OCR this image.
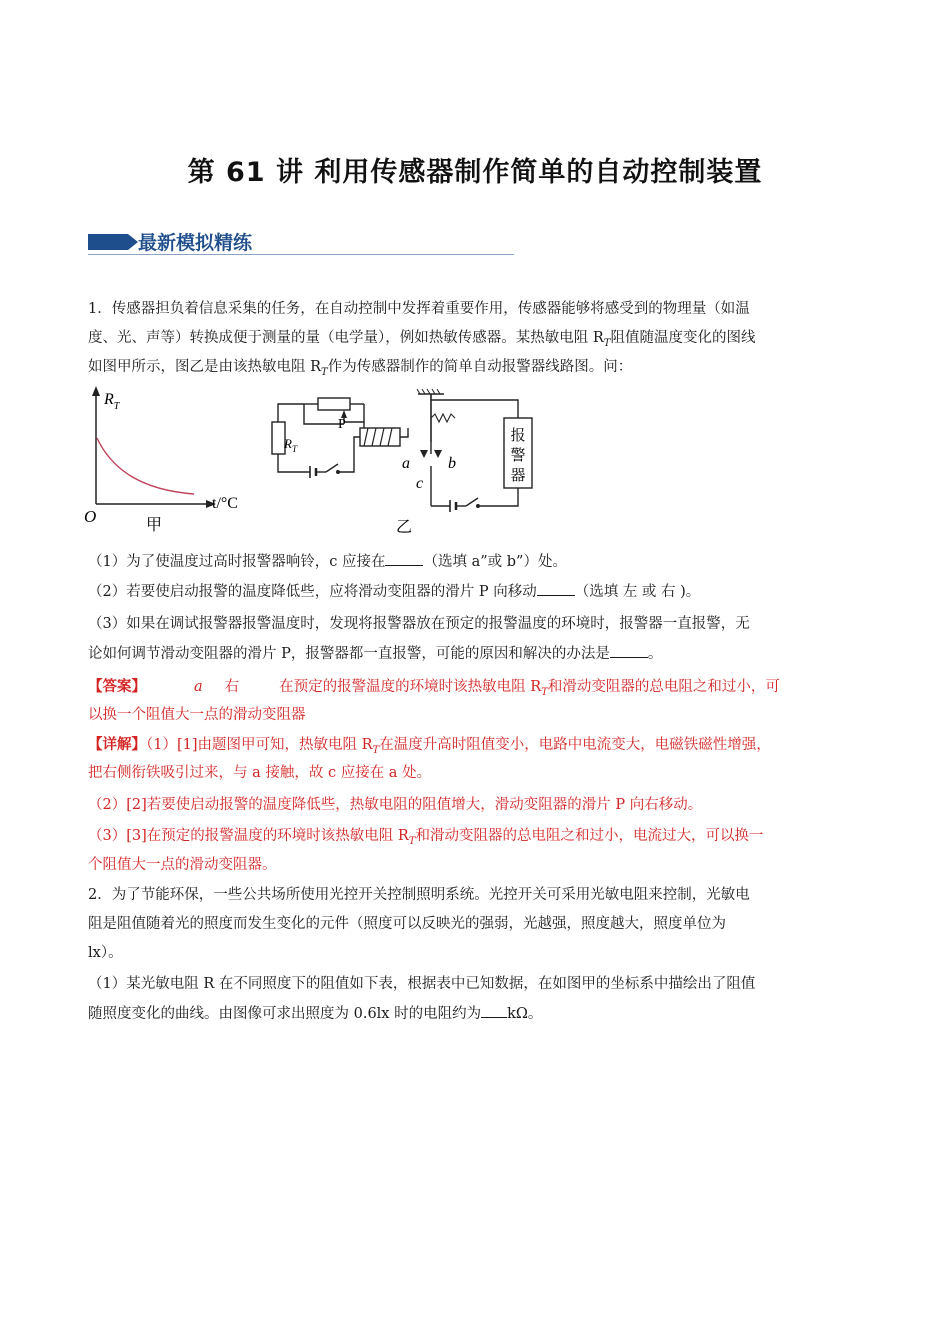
第 61 讲 利用传感器制作简单的自动控制装置
最新模拟精练
1．传感器担负着信息采集的任务，在自动控制中发挥着重要作用，传感器能够将感受到的物理量（如温
度、光、声等）转换成便于测量的量（电学量），例如热敏传感器。某热敏电阻 $R_T$阻值随温度变化的图线
如图甲所示，图乙是由该热敏电阻 $R_T$作为传感器制作的简单自动报警器线路图。问：
$R_T$
t/°C
O	甲
$R_T$
P
报
警
器
a b
c
乙
（1）为了使温度过高时报警器响铃，c 应接在	（选填 a”或 b”）处。
（2）若要使启动报警的温度降低些，应将滑动变阻器的滑片 P 向移动	（选填 左 或 右 )。
（3）如果在调试报警器报警温度时，发现将报警器放在预定的报警温度的环境时，报警器一直报警，无
论如何调节滑动变阻器的滑片 P，报警器都一直报警，可能的原因和解决的办法是	。
【答案】	a 右	在预定的报警温度的环境时该热敏电阻 $R_T$和滑动变阻器的总电阻之和过小，可
以换一个阻值大一点的滑动变阻器
【详解】（1）[1]由题图甲可知，热敏电阻 $R_T$在温度升高时阻值变小，电路中电流变大，电磁铁磁性增强，
把右侧衔铁吸引过来，与 a 接触，故 c 应接在 a 处。
（2）[2]若要使启动报警的温度降低些，热敏电阻的阻值增大，滑动变阻器的滑片 P 向右移动。
（3）[3]在预定的报警温度的环境时该热敏电阻 $R_T$和滑动变阻器的总电阻之和过小，电流过大，可以换一
个阻值大一点的滑动变阻器。
2．为了节能环保，一些公共场所使用光控开关控制照明系统。光控开关可采用光敏电阻来控制，光敏电
阻是阻值随着光的照度而发生变化的元件（照度可以反映光的强弱，光越强，照度越大，照度单位为
lx）。
（1）某光敏电阻 R 在不同照度下的阻值如下表，根据表中已知数据，在如图甲的坐标系中描绘出了阻值
随照度变化的曲线。由图像可求出照度为 0.6lx 时的电阻约为 kΩ。
